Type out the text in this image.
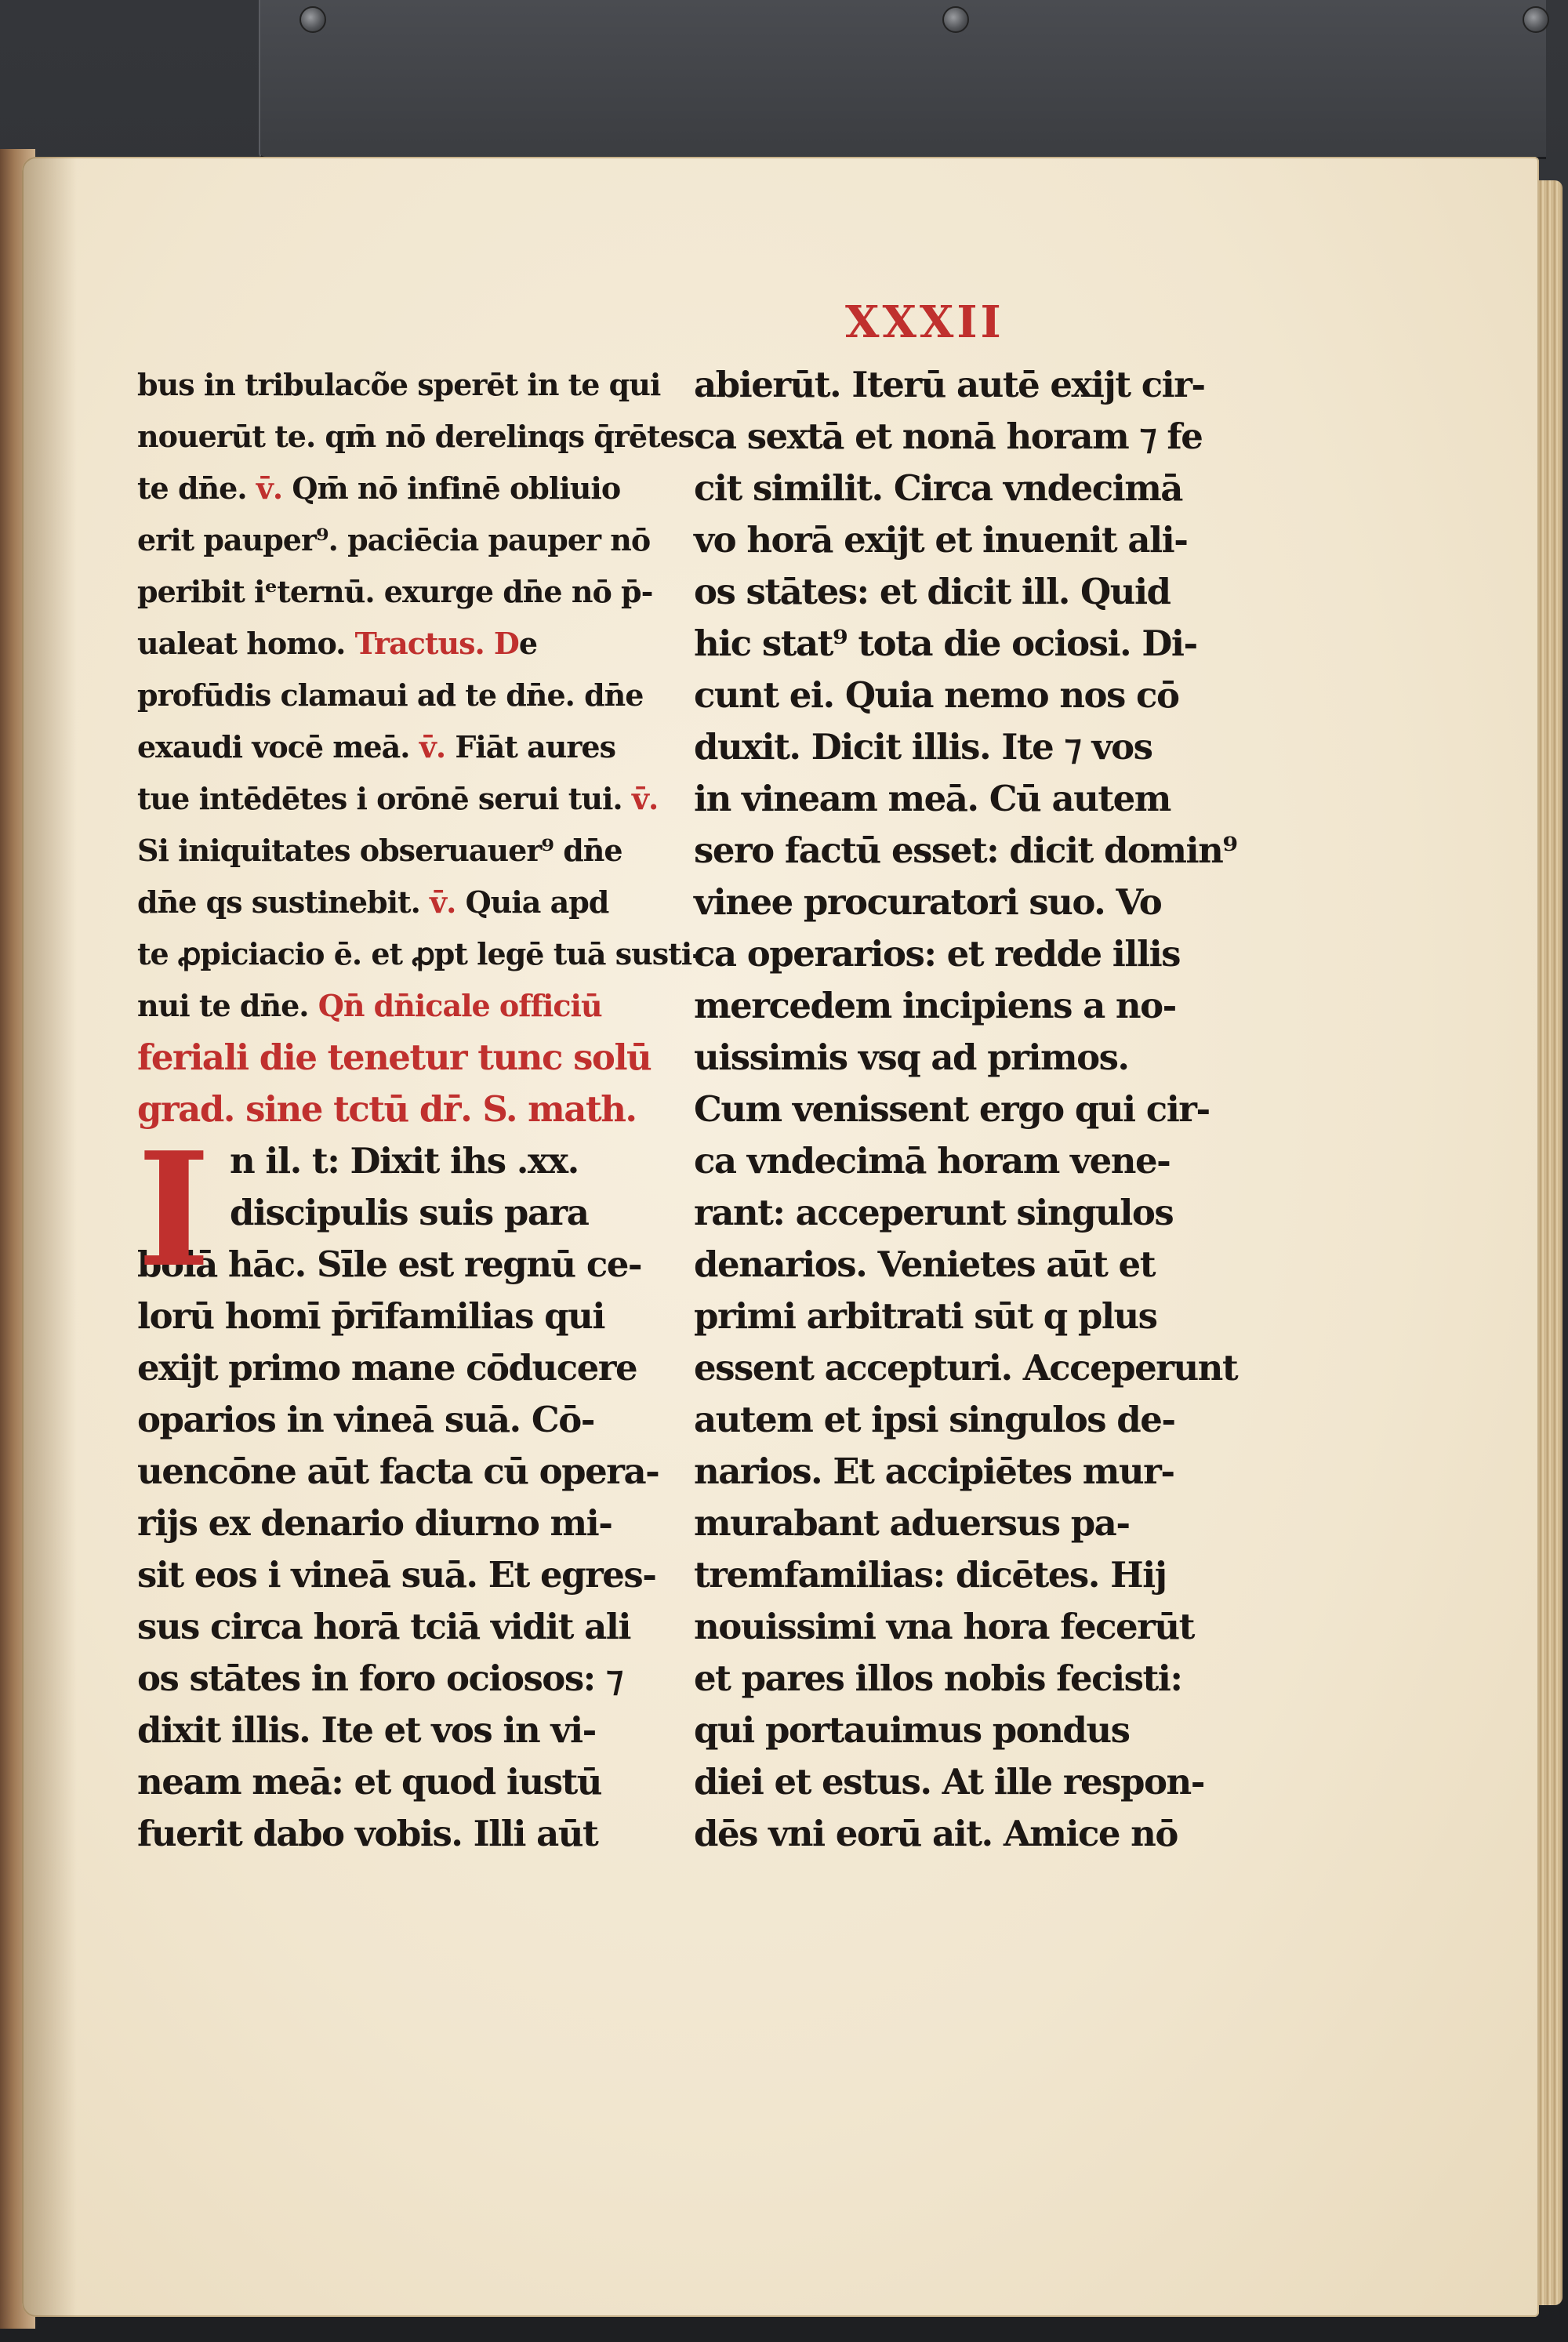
XXXII
bus in tribulacõe sperēt in te qui
nouerūt te. qm̄ nō derelinqs q̄rētes
te dn̄e. v̄. Qm̄ nō infinē obliuio
erit pauper⁹. paciēcia pauper nō
peribit iᵉternū. exurge dn̄e nō p̄-
ualeat homo. Tractus. De
profūdis clamaui ad te dn̄e. dn̄e
exaudi vocē meā. v̄. Fiāt aures
tue intēdētes i orōnē serui tui. v̄.
Si iniquitates obseruauer⁹ dn̄e
dn̄e qs sustinebit. v̄. Quia apd
te ꝓpiciacio ē. et ꝓpt legē tuā susti-
nui te dn̄e. Qn̄ dn̄icale officiū
feriali die tenetur tunc solū
grad. sine tctū dr̄. S. math.
I n il. t: Dixit ihs .xx.
discipulis suis para
bolā hāc. Sīle est regnū ce-
lorū homī p̄rīfamilias qui
exijt primo mane cōducere
oparios in vineā suā. Cō-
uencōne aūt facta cū opera-
rijs ex denario diurno mi-
sit eos i vineā suā. Et egres-
sus circa horā tciā vidit ali
os stātes in foro ociosos: ⁊
dixit illis. Ite et vos in vi-
neam meā: et quod iustū
fuerit dabo vobis. Illi aūt
abierūt. Iterū autē exijt cir-
ca sextā et nonā horam ⁊ fe
cit similit. Circa vndecimā
vo horā exijt et inuenit ali-
os stātes: et dicit ill. Quid
hic stat⁹ tota die ociosi. Di-
cunt ei. Quia nemo nos cō
duxit. Dicit illis. Ite ⁊ vos
in vineam meā. Cū autem
sero factū esset: dicit domin⁹
vinee procuratori suo. Vo
ca operarios: et redde illis
mercedem incipiens a no-
uissimis vsq ad primos.
Cum venissent ergo qui cir-
ca vndecimā horam vene-
rant: acceperunt singulos
denarios. Venietes aūt et
primi arbitrati sūt q plus
essent accepturi. Acceperunt
autem et ipsi singulos de-
narios. Et accipiētes mur-
murabant aduersus pa-
tremfamilias: dicētes. Hij
nouissimi vna hora fecerūt
et pares illos nobis fecisti:
qui portauimus pondus
diei et estus. At ille respon-
dēs vni eorū ait. Amice nō
